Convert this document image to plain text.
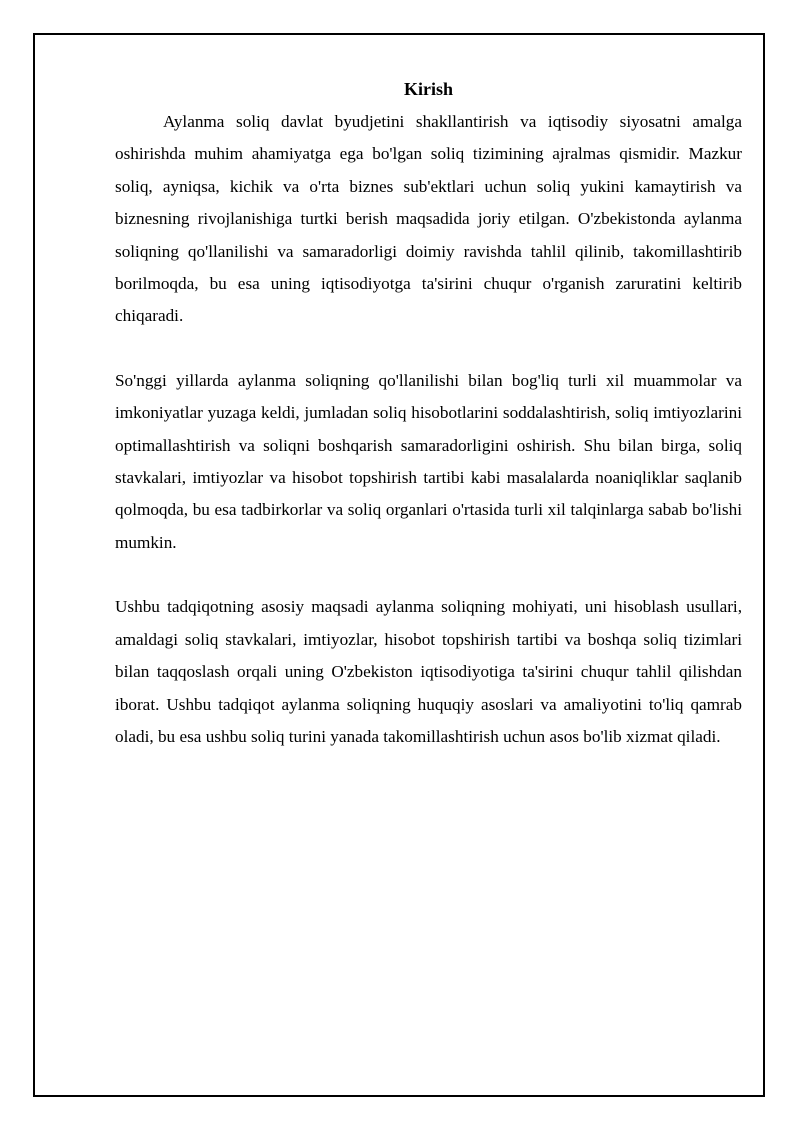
Kirish

Aylanma soliq davlat byudjetini shakllantirish va iqtisodiy siyosatni amalga oshirishda muhim ahamiyatga ega bo'lgan soliq tizimining ajralmas qismidir. Mazkur soliq, ayniqsa, kichik va o'rta biznes sub'ektlari uchun soliq yukini kamaytirish va biznesning rivojlanishiga turtki berish maqsadida joriy etilgan. O'zbekistonda aylanma soliqning qo'llanilishi va samaradorligi doimiy ravishda tahlil qilinib, takomillashtirib borilmoqda, bu esa uning iqtisodiyotga ta'sirini chuqur o'rganish zaruratini keltirib chiqaradi.

So'nggi yillarda aylanma soliqning qo'llanilishi bilan bog'liq turli xil muammolar va imkoniyatlar yuzaga keldi, jumladan soliq hisobotlarini soddalashtirish, soliq imtiyozlarini optimallashtirish va soliqni boshqarish samaradorligini oshirish. Shu bilan birga, soliq stavkalari, imtiyozlar va hisobot topshirish tartibi kabi masalalarda noaniqliklar saqlanib qolmoqda, bu esa tadbirkorlar va soliq organlari o'rtasida turli xil talqinlarga sabab bo'lishi mumkin.

Ushbu tadqiqotning asosiy maqsadi aylanma soliqning mohiyati, uni hisoblash usullari, amaldagi soliq stavkalari, imtiyozlar, hisobot topshirish tartibi va boshqa soliq tizimlari bilan taqqoslash orqali uning O'zbekiston iqtisodiyotiga ta'sirini chuqur tahlil qilishdan iborat. Ushbu tadqiqot aylanma soliqning huquqiy asoslari va amaliyotini to'liq qamrab oladi, bu esa ushbu soliq turini yanada takomillashtirish uchun asos bo'lib xizmat qiladi.
